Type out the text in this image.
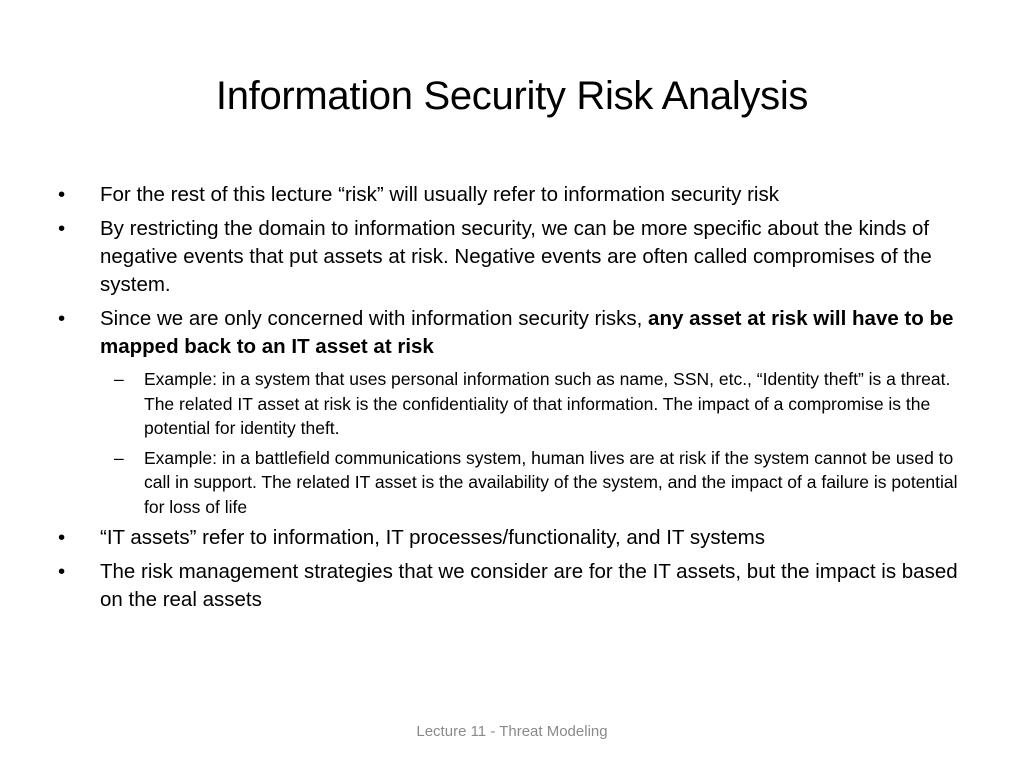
Information Security Risk Analysis
•	For the rest of this lecture “risk” will usually refer to information security risk
•	By restricting the domain to information security, we can be more specific about the kinds of negative events that put assets at risk. Negative events are often called compromises of the system.
•	Since we are only concerned with information security risks, any asset at risk will have to be mapped back to an IT asset at risk
–	Example: in a system that uses personal information such as name, SSN, etc., “Identity theft” is a threat. The related IT asset at risk is the confidentiality of that information. The impact of a compromise is the potential for identity theft.
–	Example: in a battlefield communications system, human lives are at risk if the system cannot be used to call in support. The related IT asset is the availability of the system, and the impact of a failure is potential for loss of life
•	“IT assets” refer to information, IT processes/functionality, and IT systems
•	The risk management strategies that we consider are for the IT assets, but the impact is based on the real assets
Lecture 11 - Threat Modeling
